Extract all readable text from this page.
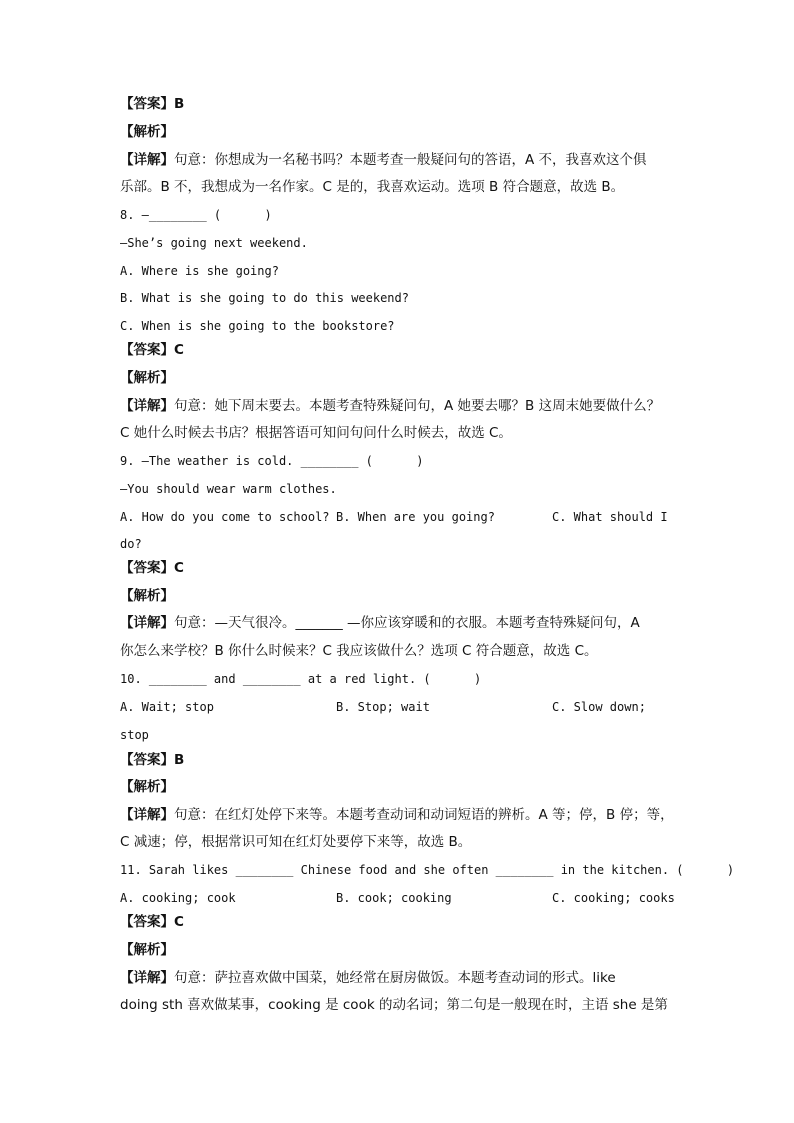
【答案】B
【解析】
【详解】句意：你想成为一名秘书吗？本题考查一般疑问句的答语，A 不，我喜欢这个俱
乐部。B 不，我想成为一名作家。C 是的，我喜欢运动。选项 B 符合题意，故选 B。
8. —________ (      )
—She’s going next weekend.
A. Where is she going?
B. What is she going to do this weekend?
C. When is she going to the bookstore?
【答案】C
【解析】
【详解】句意：她下周末要去。本题考查特殊疑问句，A 她要去哪？B 这周末她要做什么？
C 她什么时候去书店？根据答语可知问句问什么时候去，故选 C。
9. —The weather is cold. ________ (      )
—You should wear warm clothes.
A. How do you come to school? B. When are you going?	C. What should I
do?
【答案】C
【解析】
【详解】句意：—天气很冷。_______ —你应该穿暖和的衣服。本题考查特殊疑问句，A
你怎么来学校？B 你什么时候来？C 我应该做什么？选项 C 符合题意，故选 C。
10. ________ and ________ at a red light. (      )
A. Wait; stop	B. Stop; wait	C. Slow down;
stop
【答案】B
【解析】
【详解】句意：在红灯处停下来等。本题考查动词和动词短语的辨析。A 等；停，B 停；等，
C 减速；停，根据常识可知在红灯处要停下来等，故选 B。
11. Sarah likes ________ Chinese food and she often ________ in the kitchen. (      )
A. cooking; cook	B. cook; cooking	C. cooking; cooks
【答案】C
【解析】
【详解】句意：萨拉喜欢做中国菜，她经常在厨房做饭。本题考查动词的形式。like
doing sth 喜欢做某事，cooking 是 cook 的动名词；第二句是一般现在时，主语 she 是第
